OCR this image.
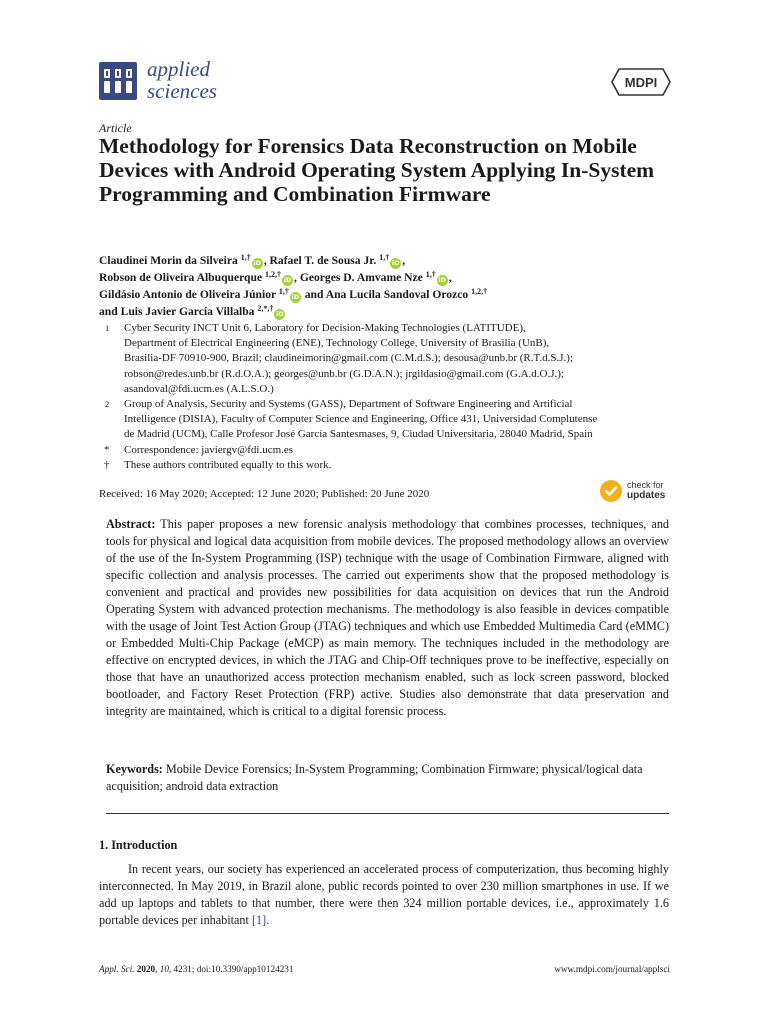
applied
sciences	MDPI
Article
Methodology for Forensics Data Reconstruction on Mobile Devices with Android Operating System Applying In-System Programming and Combination Firmware
Claudinei Morin da Silveira $^{1,\dagger}$iD , Rafael T. de Sousa Jr. $^{1,\dagger}$iD ,
Robson de Oliveira Albuquerque $^{1,2,\dagger}$iD , Georges D. Amvame Nze $^{1,\dagger}$iD ,
Gildásio Antonio de Oliveira Júnior $^{1,\dagger}$iD and Ana Lucila Sandoval Orozco $^{1,2,\dagger}$
and Luis Javier García Villalba $^{2,*,\dagger}$iD
1 Cyber Security INCT Unit 6, Laboratory for Decision-Making Technologies (LATITUDE),
Department of Electrical Engineering (ENE), Technology College, University of Brasilia (UnB),
Brasilia-DF 70910-900, Brazil; claudineimorin@gmail.com (C.M.d.S.); desousa@unb.br (R.T.d.S.J.);
robson@redes.unb.br (R.d.O.A.); georges@unb.br (G.D.A.N.); jrgildasio@gmail.com (G.A.d.O.J.);
asandoval@fdi.ucm.es (A.L.S.O.)
2 Group of Analysis, Security and Systems (GASS), Department of Software Engineering and Artificial
Intelligence (DISIA), Faculty of Computer Science and Engineering, Office 431, Universidad Complutense
de Madrid (UCM), Calle Profesor José García Santesmases, 9, Ciudad Universitaria, 28040 Madrid, Spain
* Correspondence: javiergv@fdi.ucm.es
† These authors contributed equally to this work.
Received: 16 May 2020; Accepted: 12 June 2020; Published: 20 June 2020
check for
updates
Abstract: This paper proposes a new forensic analysis methodology that combines processes, techniques, and tools for physical and logical data acquisition from mobile devices. The proposed methodology allows an overview of the use of the In-System Programming (ISP) technique with the usage of Combination Firmware, aligned with specific collection and analysis processes. The carried out experiments show that the proposed methodology is convenient and practical and provides new possibilities for data acquisition on devices that run the Android Operating System with advanced protection mechanisms. The methodology is also feasible in devices compatible with the usage of Joint Test Action Group (JTAG) techniques and which use Embedded Multimedia Card (eMMC) or Embedded Multi-Chip Package (eMCP) as main memory. The techniques included in the methodology are effective on encrypted devices, in which the JTAG and Chip-Off techniques prove to be ineffective, especially on those that have an unauthorized access protection mechanism enabled, such as lock screen password, blocked bootloader, and Factory Reset Protection (FRP) active. Studies also demonstrate that data preservation and integrity are maintained, which is critical to a digital forensic process.
Keywords: Mobile Device Forensics; In-System Programming; Combination Firmware; physical/logical data acquisition; android data extraction
1. Introduction
In recent years, our society has experienced an accelerated process of computerization, thus becoming highly interconnected. In May 2019, in Brazil alone, public records pointed to over 230 million smartphones in use. If we add up laptops and tablets to that number, there were then 324 million portable devices, i.e., approximately 1.6 portable devices per inhabitant [1].
Appl. Sci. 2020, 10, 4231; doi:10.3390/app10124231	www.mdpi.com/journal/applsci
